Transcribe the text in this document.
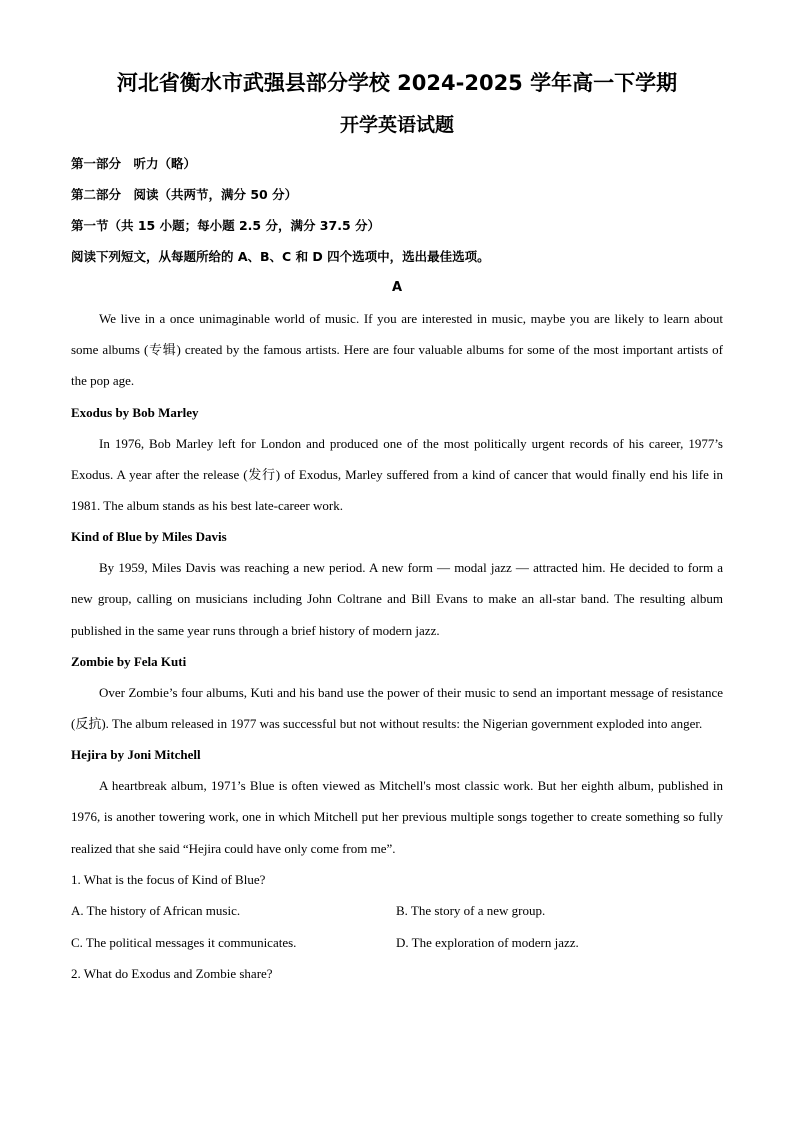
河北省衡水市武强县部分学校 2024-2025 学年高一下学期
开学英语试题

第一部分　听力（略）

第二部分　阅读（共两节，满分 50 分）

第一节（共 15 小题；每小题 2.5 分，满分 37.5 分）

阅读下列短文，从每题所给的 A、B、C 和 D 四个选项中，选出最佳选项。

A

We live in a once unimaginable world of music. If you are interested in music, maybe you are likely to learn about some albums (专辑) created by the famous artists. Here are four valuable albums for some of the most important artists of the pop age.

Exodus by Bob Marley

In 1976, Bob Marley left for London and produced one of the most politically urgent records of his career, 1977’s Exodus. A year after the release (发行) of Exodus, Marley suffered from a kind of cancer that would finally end his life in 1981. The album stands as his best late-career work.

Kind of Blue by Miles Davis

By 1959, Miles Davis was reaching a new period. A new form — modal jazz — attracted him. He decided to form a new group, calling on musicians including John Coltrane and Bill Evans to make an all-star band. The resulting album published in the same year runs through a brief history of modern jazz.

Zombie by Fela Kuti

Over Zombie’s four albums, Kuti and his band use the power of their music to send an important message of resistance (反抗). The album released in 1977 was successful but not without results: the Nigerian government exploded into anger.

Hejira by Joni Mitchell

A heartbreak album, 1971’s Blue is often viewed as Mitchell's most classic work. But her eighth album, published in 1976, is another towering work, one in which Mitchell put her previous multiple songs together to create something so fully realized that she said “Hejira could have only come from me”.

1. What is the focus of Kind of Blue?

A. The history of African music.	B. The story of a new group.
C. The political messages it communicates.	D. The exploration of modern jazz.

2. What do Exodus and Zombie share?
